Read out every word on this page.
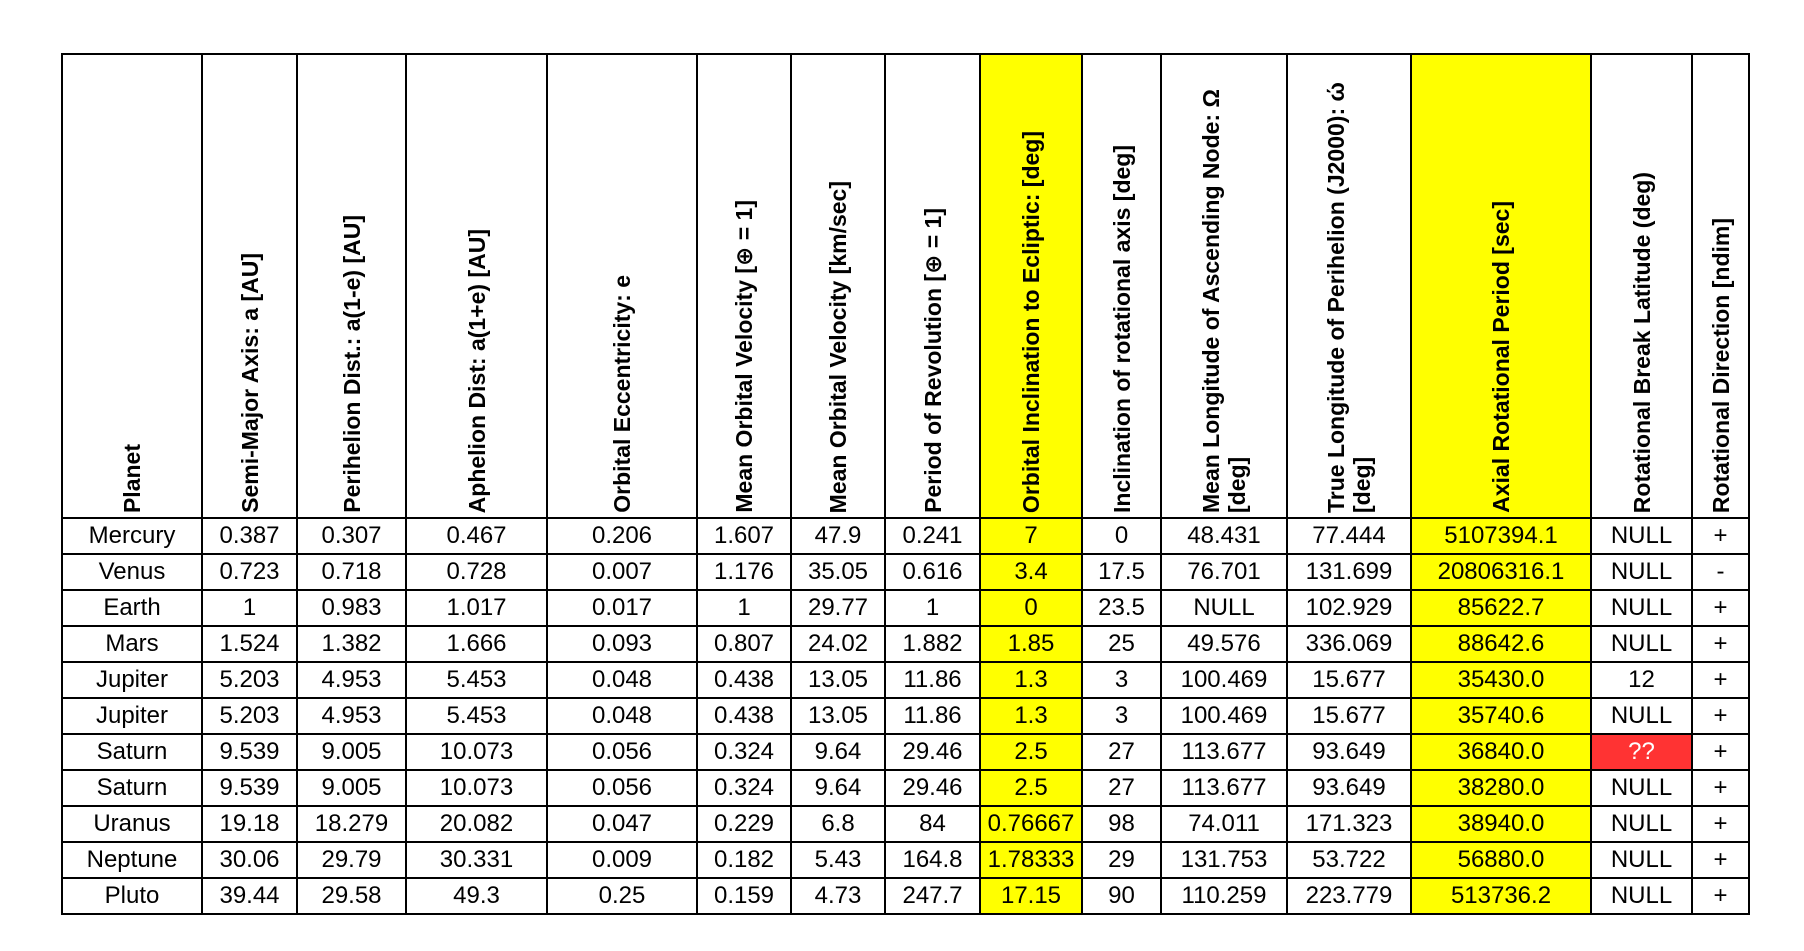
Planet	Semi-Major Axis: a [AU]	Perihelion Dist.: a(1-e) [AU]	Aphelion Dist: a(1+e) [AU]	Orbital Eccentricity: e	Mean Orbital Velocity [⊕ = 1]	Mean Orbital Velocity [km/sec]	Period of Revolution [⊕ = 1]	Orbital Inclination to Ecliptic: [deg]	Inclination of rotational axis [deg]	Mean Longitude of Ascending Node: Ω [deg]	True Longitude of Perihelion (J2000): ώ [deg]	Axial Rotational Period [sec]	Rotational Break Latitude (deg)	Rotational Direction [ndim]

Mercury	0.387	0.307	0.467	0.206	1.607	47.9	0.241	7	0	48.431	77.444	5107394.1	NULL	+
Venus	0.723	0.718	0.728	0.007	1.176	35.05	0.616	3.4	17.5	76.701	131.699	20806316.1	NULL	-
Earth	1	0.983	1.017	0.017	1	29.77	1	0	23.5	NULL	102.929	85622.7	NULL	+
Mars	1.524	1.382	1.666	0.093	0.807	24.02	1.882	1.85	25	49.576	336.069	88642.6	NULL	+
Jupiter	5.203	4.953	5.453	0.048	0.438	13.05	11.86	1.3	3	100.469	15.677	35430.0	12	+
Jupiter	5.203	4.953	5.453	0.048	0.438	13.05	11.86	1.3	3	100.469	15.677	35740.6	NULL	+
Saturn	9.539	9.005	10.073	0.056	0.324	9.64	29.46	2.5	27	113.677	93.649	36840.0	??	+
Saturn	9.539	9.005	10.073	0.056	0.324	9.64	29.46	2.5	27	113.677	93.649	38280.0	NULL	+
Uranus	19.18	18.279	20.082	0.047	0.229	6.8	84	0.76667	98	74.011	171.323	38940.0	NULL	+
Neptune	30.06	29.79	30.331	0.009	0.182	5.43	164.8	1.78333	29	131.753	53.722	56880.0	NULL	+
Pluto	39.44	29.58	49.3	0.25	0.159	4.73	247.7	17.15	90	110.259	223.779	513736.2	NULL	+
